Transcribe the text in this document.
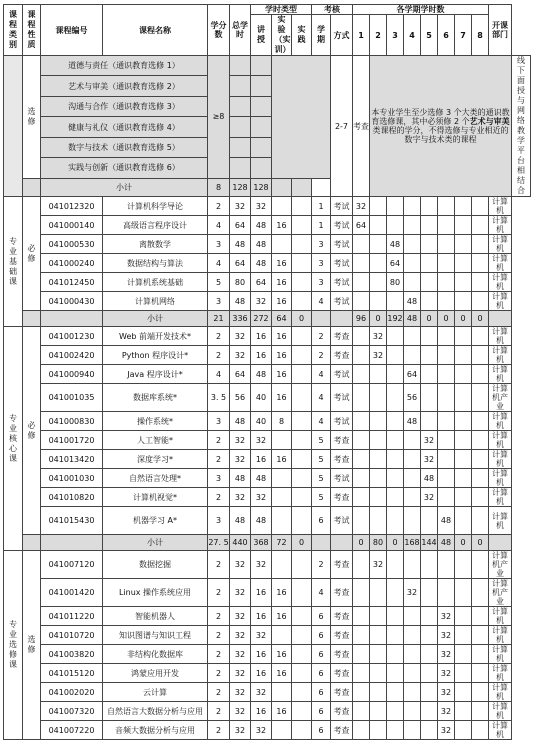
课程类别	课程性质	课程编号	课程名称	学分数	总学时	学时类型			考核		各学期学时数								开课部门	
						讲授	实验（实训）	实践	学期	方式	1	2	3	4	5	6	7	8		
	选修	道德与责任（通识教育选修 1）		≥8						2-7	考查	本专业学生至少选修 3 个大类的通识教育选修课，其中必须修 2 个艺术与审美类课程的学分，不得选修与专业相近的数字与技术类的课程								线下面授与网络教学平台相结合
		艺术与审美（通识教育选修 2）																		
		沟通与合作（通识教育选修 3）																		
		健康与礼仪（通识教育选修 4）																		
		数字与技术（通识教育选修 5）																		
		实践与创新（通识教育选修 6）																		
		小计		8	128	128														
专业基础课	必修	041012320	计算机科学导论	2	32	32			1	考试	32								计算机	
		041000140	高级语言程序设计	4	64	48	16		1	考试	64								计算机	
		041000530	离散数学	3	48	48			3	考试			48						计算机	
		041000240	数据结构与算法	4	64	48	16		3	考试			64						计算机	
		041012450	计算机系统基础	5	80	64	16		3	考试			80						计算机	
		041000430	计算机网络	3	48	32	16		4	考试				48					计算机	
			小计	21	336	272	64	0			96	0	192	48	0	0	0	0		
专业核心课	必修	041001230	Web 前端开发技术*	2	32	16	16		2	考查		32							计算机	
		041002420	Python 程序设计*	2	32	16	16		2	考查		32							计算机	
		041000940	Java 程序设计*	4	64	48	16		4	考试				64					计算机	
		041001035	数据库系统*	3. 5	56	40	16		4	考试				56					计算机产业	
		041000830	操作系统*	3	48	40	8		4	考试				48					计算机	
		041001720	人工智能*	2	32	32			5	考查					32				计算机	
		041013420	深度学习*	2	32	16	16		5	考查					32				计算机	
		041001030	自然语言处理*	3	48	48			5	考试					48				计算机	
		041010820	计算机视觉*	2	32	32			5	考查					32				计算机	
		041015430	机器学习 A*	3	48	48			6	考试						48			计算机	
			小计	27. 5	440	368	72	0			0	80	0	168	144	48	0	0		
专业选修课	选修	041007120	数据挖掘	2	32	32			2	考查		32							计算机产业	
		041001420	Linux 操作系统应用	2	32	16	16		4	考查				32					计算机产业	
		041011220	智能机器人	2	32	16	16		6	考查						32			计算机	
		041010720	知识图谱与知识工程	2	32	32			6	考查						32			计算机	
		041003820	非结构化数据库	2	32	16	16		6	考查						32			计算机	
		041015120	鸿蒙应用开发	2	32	16	16		6	考查						32			计算机	
		041002020	云计算	2	32	32			6	考查						32			计算机	
		041007320	自然语言大数据分析与应用	2	32	16	16		6	考查						32			计算机	
		041007220	音频大数据分析与应用	2	32	32			6	考查						32			计算机	
